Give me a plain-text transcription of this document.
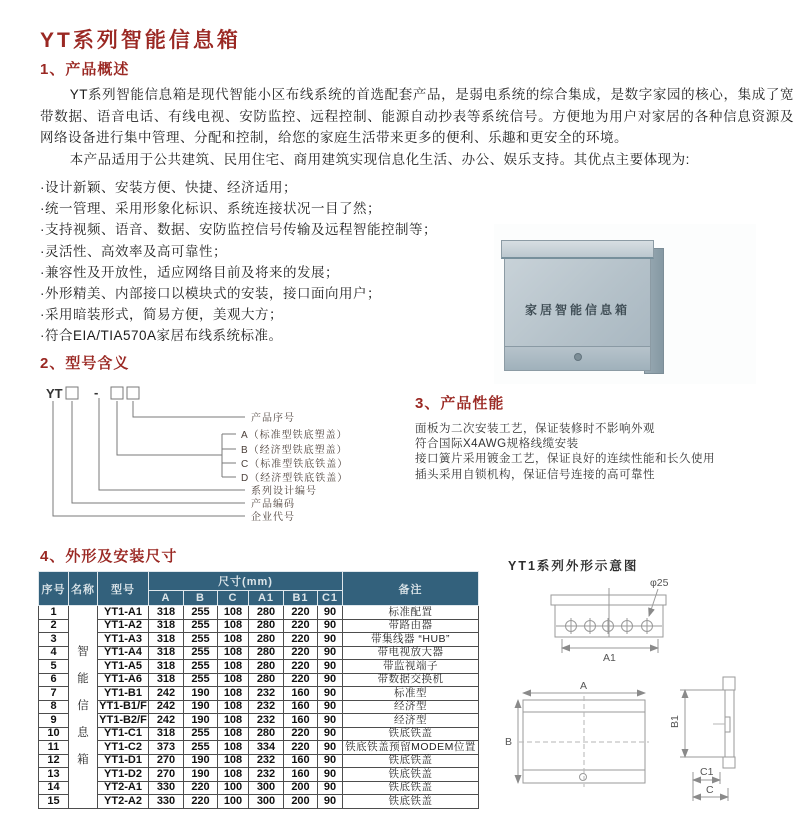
YT系列智能信息箱
1、产品概述

YT系列智能信息箱是现代智能小区布线系统的首选配套产品，是弱电系统的综合集成，是数字家园的核心，集成了宽带数据、语音电话、有线电视、安防监控、远程控制、能源自动抄表等系统信号。方便地为用户对家居的各种信息资源及网络设备进行集中管理、分配和控制，给您的家庭生活带来更多的便利、乐趣和更安全的环境。

本产品适用于公共建筑、民用住宅、商用建筑实现信息化生活、办公、娱乐支持。其优点主要体现为:

·设计新颖、安装方便、快捷、经济适用；
·统一管理、采用形象化标识、系统连接状况一目了然；
·支持视频、语音、数据、安防监控信号传输及远程智能控制等；
·灵活性、高效率及高可靠性；
·兼容性及开放性，适应网络目前及将来的发展；
·外形精美、内部接口以模块式的安装，接口面向用户；
·采用暗装形式，简易方便，美观大方；
·符合EIA/TIA570A家居布线系统标准。
家居智能信息箱
2、型号含义
YT -
产品序号
A（标准型铁底塑盖）
B（经济型铁底塑盖）
C（标准型铁底铁盖）
D（经济型铁底铁盖）
系列设计编号
产品编码
企业代号
3、产品性能
面板为二次安装工艺，保证装修时不影响外观
符合国际X4AWG规格线缆安装
接口簧片采用镀金工艺，保证良好的连续性能和长久使用
插头采用自锁机构，保证信号连接的高可靠性
4、外形及安装尺寸
序号	名称	型号	尺寸(mm)						备注
			A	B	C	A1	B1	C1	
1	智能信息箱	YT1-A1	318	255	108	280	220	90	标准配置
2		YT1-A2	318	255	108	280	220	90	带路由器
3		YT1-A3	318	255	108	280	220	90	带集线器 “HUB”
4		YT1-A4	318	255	108	280	220	90	带电视放大器
5		YT1-A5	318	255	108	280	220	90	带监视端子
6		YT1-A6	318	255	108	280	220	90	带数据交换机
7		YT1-B1	242	190	108	232	160	90	标准型
8		YT1-B1/F	242	190	108	232	160	90	经济型
9		YT1-B2/F	242	190	108	232	160	90	经济型
10		YT1-C1	318	255	108	280	220	90	铁底铁盖
11		YT1-C2	373	255	108	334	220	90	铁底铁盖预留MODEM位置
12		YT1-D1	270	190	108	232	160	90	铁底铁盖
13		YT1-D2	270	190	108	232	160	90	铁底铁盖
14		YT2-A1	330	220	100	300	200	90	铁底铁盖
15		YT2-A2	330	220	100	300	200	90	铁底铁盖
YT1系列外形示意图
φ25
A1
A
B
B1
C1
C
